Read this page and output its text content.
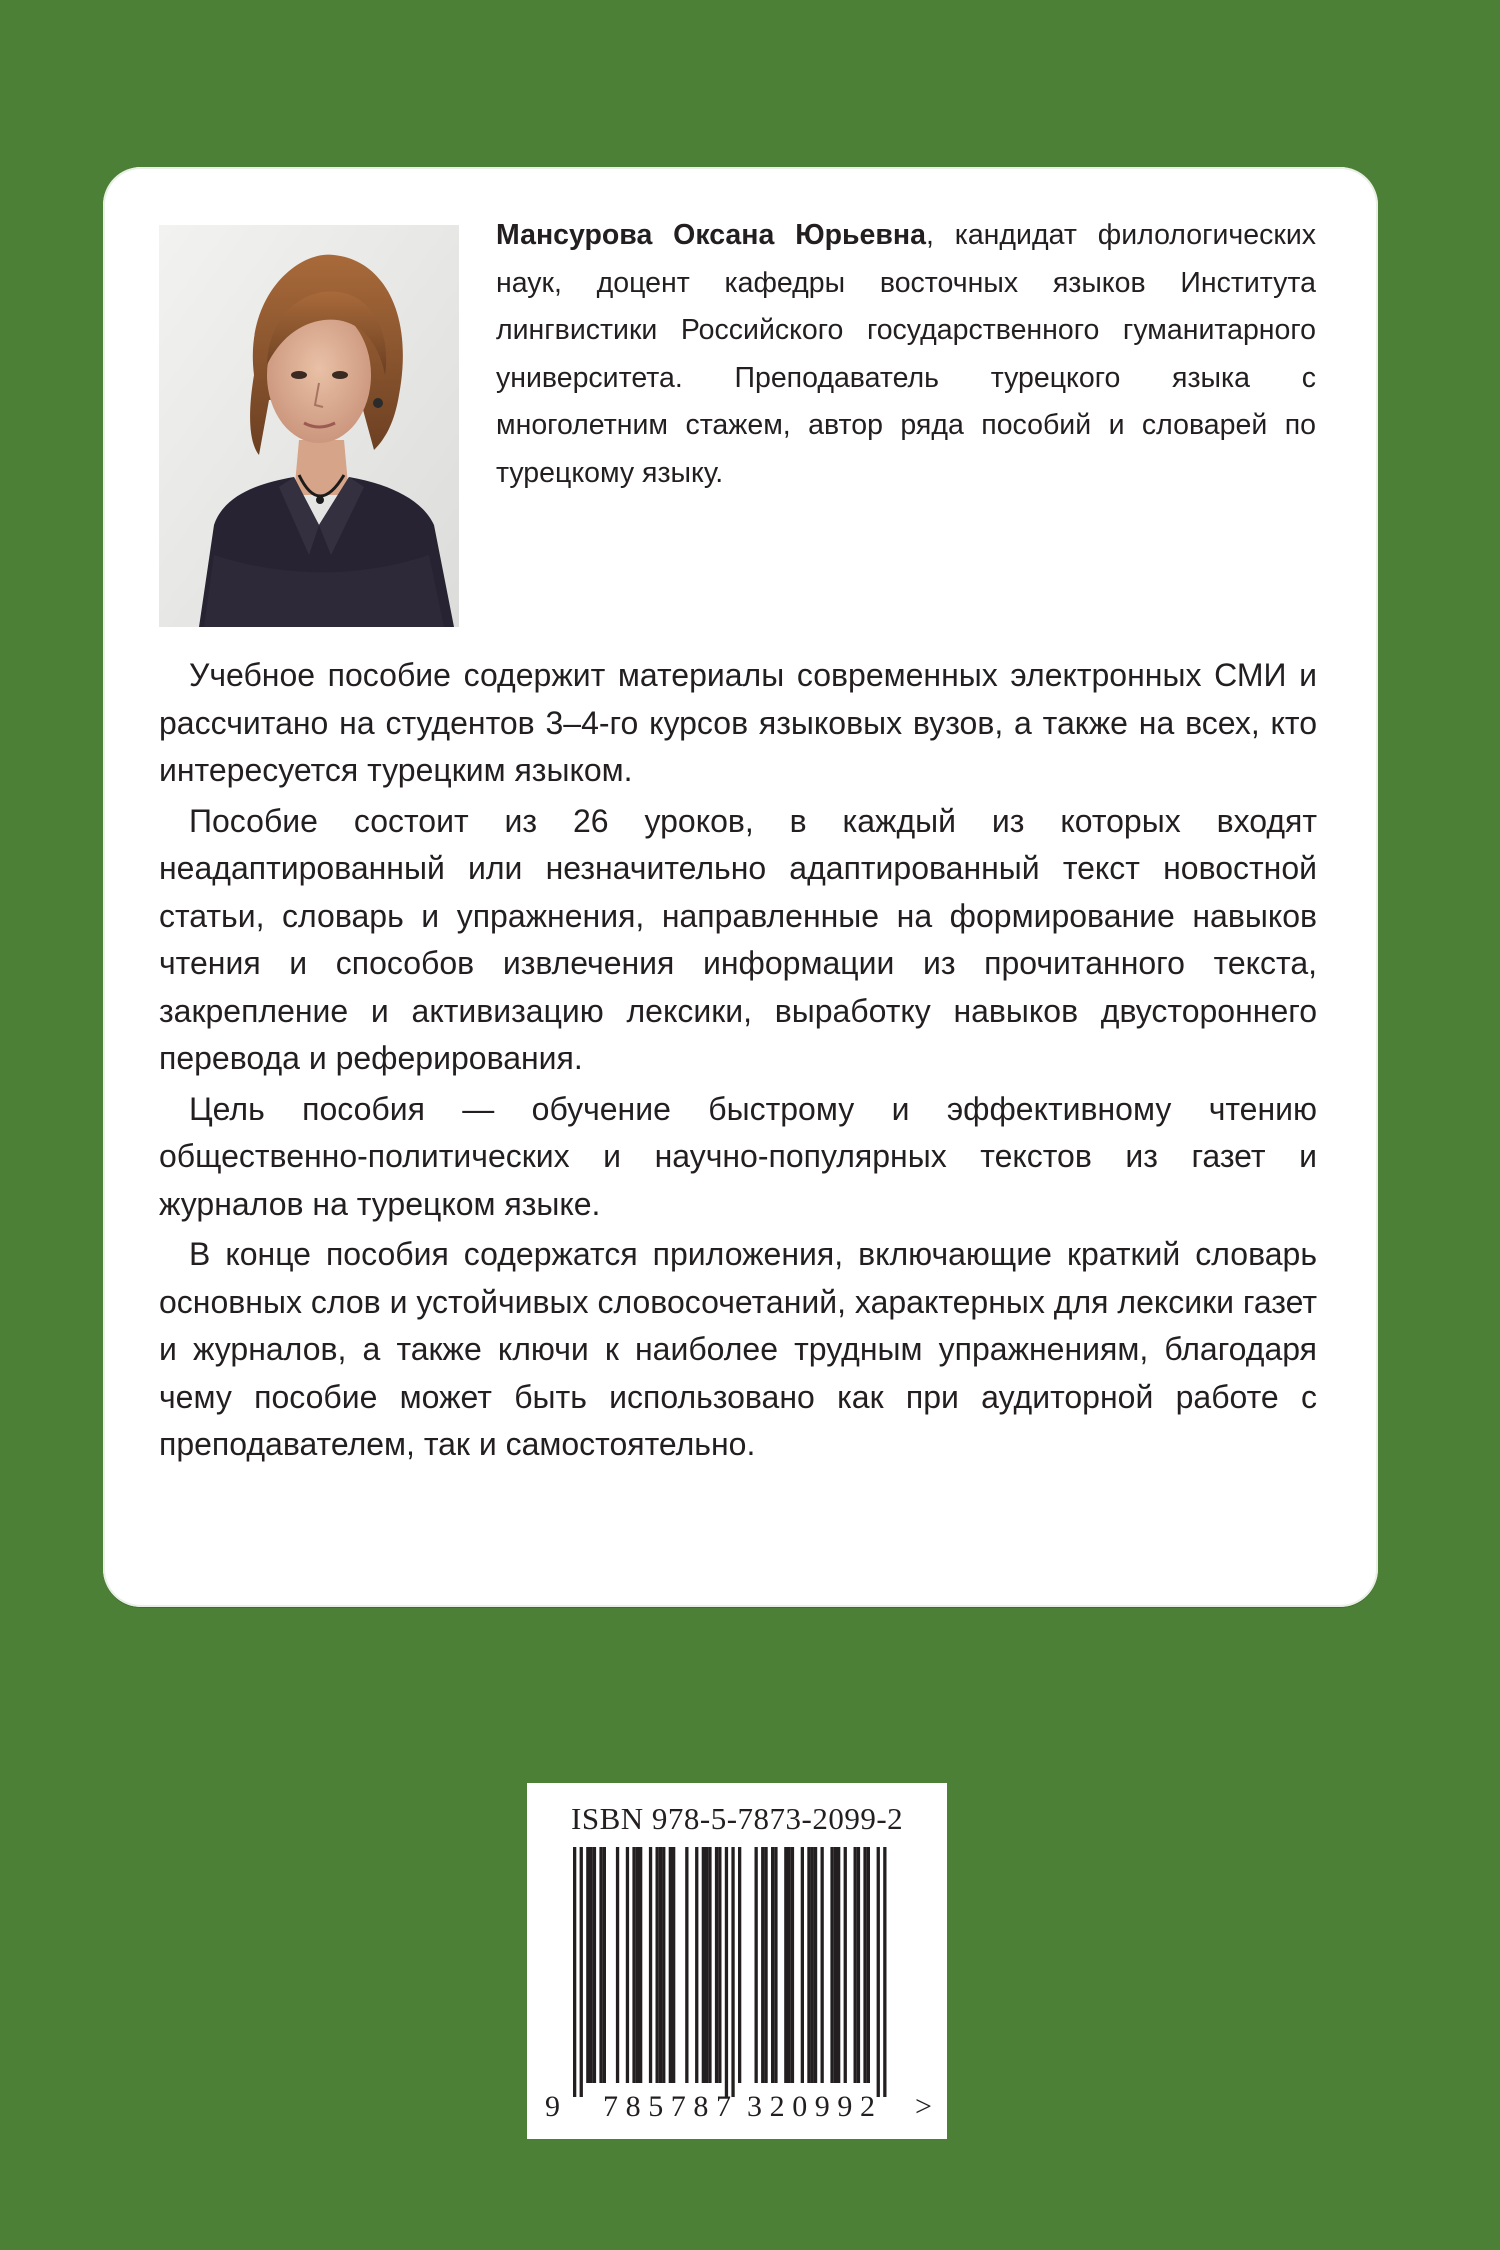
Мансурова Оксана Юрьевна, кандидат филологических наук, доцент кафедры восточных языков Института лингвистики Российского государственного гуманитарного университета. Преподаватель турецкого языка с многолетним стажем, автор ряда пособий и словарей по турецкому языку.

Учебное пособие содержит материалы современных электронных СМИ и рассчитано на студентов 3–4-го курсов языковых вузов, а также на всех, кто интересуется турецким языком.

Пособие состоит из 26 уроков, в каждый из которых входят неадаптированный или незначительно адаптированный текст новостной статьи, словарь и упражнения, направленные на формирование навыков чтения и способов извлечения информации из прочитанного текста, закрепление и активизацию лексики, выработку навыков двустороннего перевода и реферирования.

Цель пособия — обучение быстрому и эффективному чтению общественно-политических и научно-популярных текстов из газет и журналов на турецком языке.

В конце пособия содержатся приложения, включающие краткий словарь основных слов и устойчивых словосочетаний, характерных для лексики газет и журналов, а также ключи к наиболее трудным упражнениям, благодаря чему пособие может быть использовано как при аудиторной работе с преподавателем, так и самостоятельно.

ISBN 978-5-7873-2099-2

9 785787 320992 >
